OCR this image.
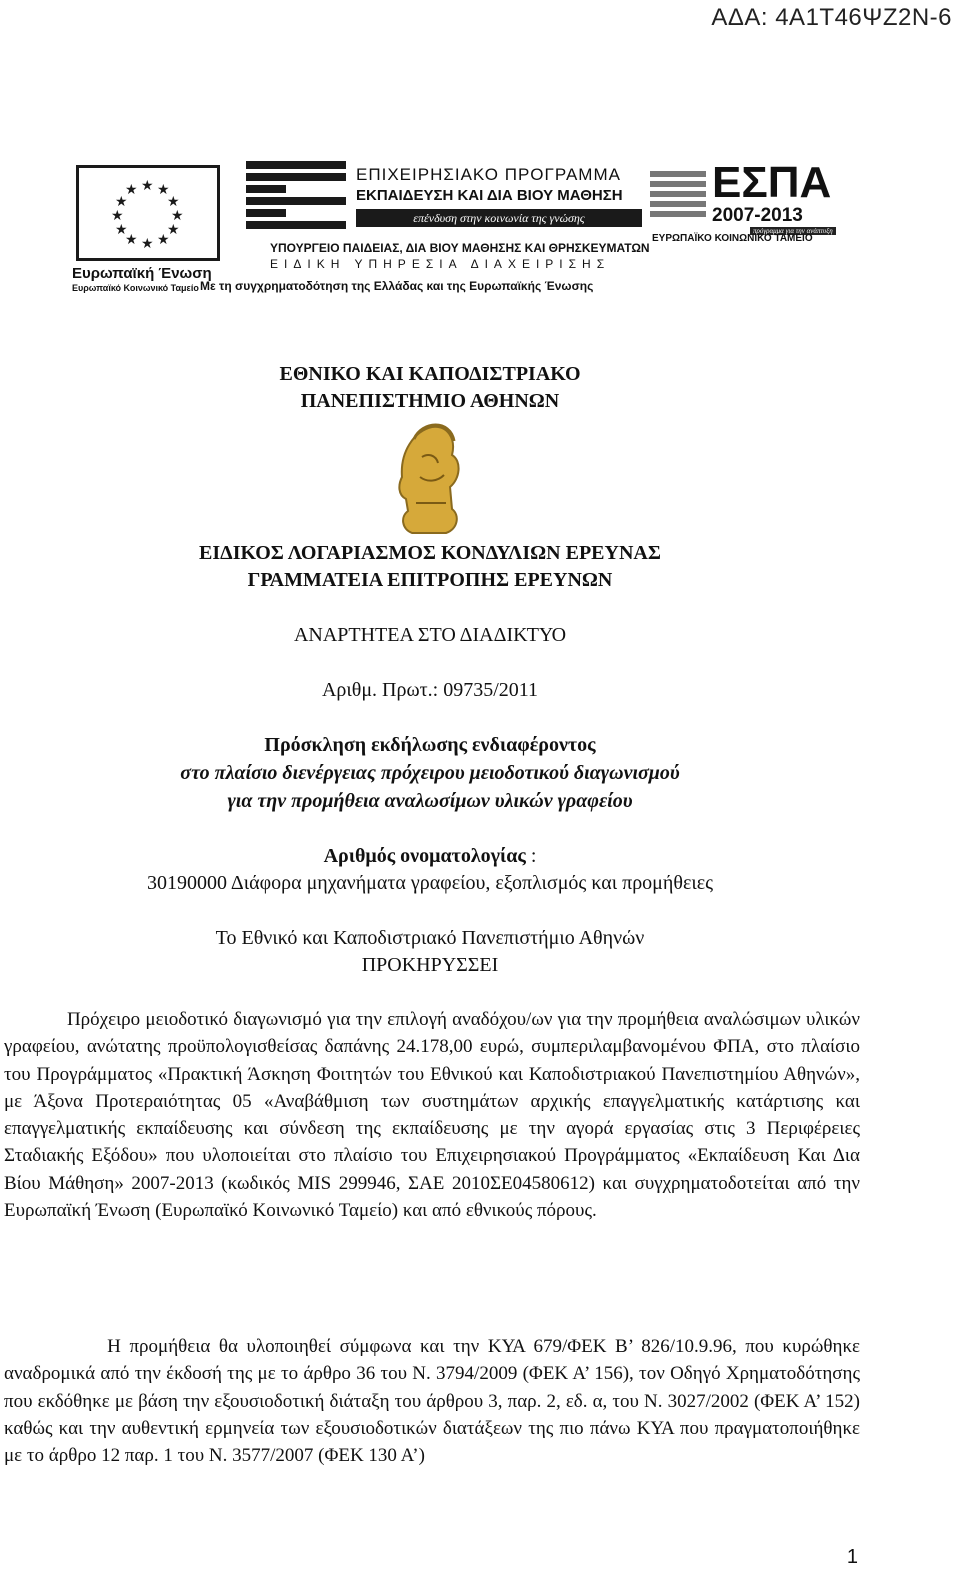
ΑΔΑ: 4Α1Τ46ΨΖ2Ν-6
★ ★
★
★
★
★
★
★
★
★
★
★
Ευρωπαϊκή Ένωση
Ευρωπαϊκό Κοινωνικό Ταμείο
ΕΠΙΧΕΙΡΗΣΙΑΚΟ ΠΡΟΓΡΑΜΜΑ
ΕΚΠΑΙΔΕΥΣΗ ΚΑΙ ΔΙΑ ΒΙΟΥ ΜΑΘΗΣΗ
επένδυση στην κοινωνία της γνώσης
ΥΠΟΥΡΓΕΙΟ ΠΑΙΔΕΙΑΣ, ΔΙΑ ΒΙΟΥ ΜΑΘΗΣΗΣ ΚΑΙ ΘΡΗΣΚΕΥΜΑΤΩΝ
ΕΙΔΙΚΗ ΥΠΗΡΕΣΙΑ ΔΙΑΧΕΙΡΙΣΗΣ
Με τη συγχρηματοδότηση της Ελλάδας και της Ευρωπαϊκής Ένωσης
ΕΣΠΑ
2007-2013
πρόγραμμα για την ανάπτυξη
ΕΥΡΩΠΑΪΚΟ ΚΟΙΝΩΝΙΚΟ ΤΑΜΕΙΟ
ΕΘΝΙΚΟ ΚΑΙ ΚΑΠΟΔΙΣΤΡΙΑΚΟ
ΠΑΝΕΠΙΣΤΗΜΙΟ ΑΘΗΝΩΝ
ΕΙΔΙΚΟΣ ΛΟΓΑΡΙΑΣΜΟΣ ΚΟΝΔΥΛΙΩΝ ΕΡΕΥΝΑΣ
ΓΡΑΜΜΑΤΕΙΑ ΕΠΙΤΡΟΠΗΣ ΕΡΕΥΝΩΝ
ΑΝΑΡΤΗΤΕΑ ΣΤΟ ΔΙΑΔΙΚΤΥΟ
Αριθμ. Πρωτ.: 09735/2011
Πρόσκληση εκδήλωσης ενδιαφέροντος
στο πλαίσιο διενέργειας πρόχειρου μειοδοτικού διαγωνισμού
για την προμήθεια αναλωσίμων υλικών γραφείου
Αριθμός ονοματολογίας :
30190000 Διάφορα μηχανήματα γραφείου, εξοπλισμός και προμήθειες
Το Εθνικό και Καποδιστριακό Πανεπιστήμιο Αθηνών
ΠΡΟΚΗΡΥΣΣΕΙ
Πρόχειρο μειοδοτικό διαγωνισμό για την επιλογή αναδόχου/ων για την προμήθεια αναλώσιμων υλικών γραφείου, ανώτατης προϋπολογισθείσας δαπάνης 24.178,00 ευρώ, συμπεριλαμβανομένου ΦΠΑ, στο πλαίσιο του Προγράμματος «Πρακτική Άσκηση Φοιτητών του Εθνικού και Καποδιστριακού Πανεπιστημίου Αθηνών», με Άξονα Προτεραιότητας 05 «Αναβάθμιση των συστημάτων αρχικής επαγγελματικής κατάρτισης και επαγγελματικής εκπαίδευσης και σύνδεση της εκπαίδευσης με την αγορά εργασίας στις 3 Περιφέρειες Σταδιακής Εξόδου» που υλοποιείται στο πλαίσιο του Επιχειρησιακού Προγράμματος «Εκπαίδευση Και Δια Βίου Μάθηση» 2007-2013 (κωδικός MIS 299946, ΣΑΕ 2010ΣΕ04580612) και συγχρηματοδοτείται από την Ευρωπαϊκή Ένωση (Ευρωπαϊκό Κοινωνικό Ταμείο) και από εθνικούς πόρους.
Η προμήθεια θα υλοποιηθεί σύμφωνα και την ΚΥΑ 679/ΦΕΚ Β’ 826/10.9.96, που κυρώθηκε αναδρομικά από την έκδοσή της με το άρθρο 36 του Ν. 3794/2009 (ΦΕΚ Α’ 156), τον Οδηγό Χρηματοδότησης που εκδόθηκε με βάση την εξουσιοδοτική διάταξη του άρθρου 3, παρ. 2, εδ. α, του Ν. 3027/2002 (ΦΕΚ Α’ 152) καθώς και την αυθεντική ερμηνεία των εξουσιοδοτικών διατάξεων της πιο πάνω ΚΥΑ που πραγματοποιήθηκε με το άρθρο 12 παρ. 1 του Ν. 3577/2007 (ΦΕΚ 130 Α’)
1
